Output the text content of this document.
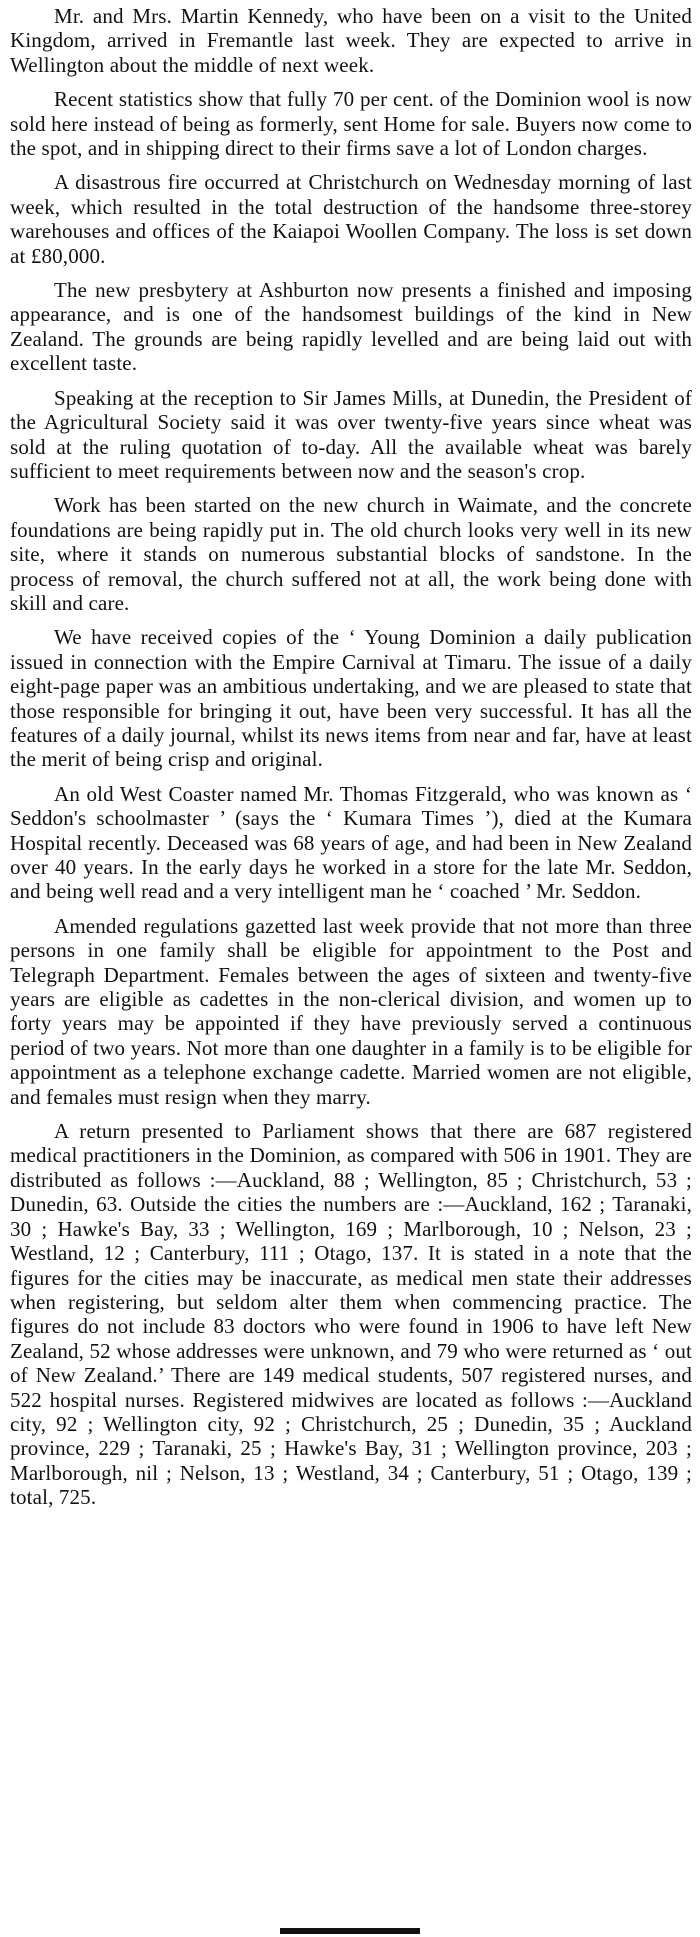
Mr. and Mrs. Martin Kennedy, who have been on a visit to the United Kingdom, arrived in Fremantle last week. They are expected to arrive in Wellington about the middle of next week.

Recent statistics show that fully 70 per cent. of the Dominion wool is now sold here instead of being as formerly, sent Home for sale. Buyers now come to the spot, and in shipping direct to their firms save a lot of London charges.

A disastrous fire occurred at Christchurch on Wednesday morning of last week, which resulted in the total destruction of the handsome three-storey warehouses and offices of the Kaiapoi Woollen Company. The loss is set down at £80,000.

The new presbytery at Ashburton now presents a finished and imposing appearance, and is one of the handsomest buildings of the kind in New Zealand. The grounds are being rapidly levelled and are being laid out with excellent taste.

Speaking at the reception to Sir James Mills, at Dunedin, the President of the Agricultural Society said it was over twenty-five years since wheat was sold at the ruling quotation of to-day. All the available wheat was barely sufficient to meet requirements between now and the season's crop.

Work has been started on the new church in Waimate, and the concrete foundations are being rapidly put in. The old church looks very well in its new site, where it stands on numerous substantial blocks of sandstone. In the process of removal, the church suffered not at all, the work being done with skill and care.

We have received copies of the ‘ Young Dominion a daily publication issued in connection with the Empire Carnival at Timaru. The issue of a daily eight-page paper was an ambitious undertaking, and we are pleased to state that those responsible for bringing it out, have been very successful. It has all the features of a daily journal, whilst its news items from near and far, have at least the merit of being crisp and original.

An old West Coaster named Mr. Thomas Fitzgerald, who was known as ‘ Seddon's schoolmaster ’ (says the ‘ Kumara Times ’), died at the Kumara Hospital recently. Deceased was 68 years of age, and had been in New Zealand over 40 years. In the early days he worked in a store for the late Mr. Seddon, and being well read and a very intelligent man he ‘ coached ’ Mr. Seddon.

Amended regulations gazetted last week provide that not more than three persons in one family shall be eligible for appointment to the Post and Telegraph Department. Females between the ages of sixteen and twenty-five years are eligible as cadettes in the non-clerical division, and women up to forty years may be appointed if they have previously served a continuous period of two years. Not more than one daughter in a family is to be eligible for appointment as a telephone exchange cadette. Married women are not eligible, and females must resign when they marry.

A return presented to Parliament shows that there are 687 registered medical practitioners in the Dominion, as compared with 506 in 1901. They are distributed as follows :—Auckland, 88 ; Wellington, 85 ; Christchurch, 53 ; Dunedin, 63. Outside the cities the numbers are :—Auckland, 162 ; Taranaki, 30 ; Hawke's Bay, 33 ; Wellington, 169 ; Marlborough, 10 ; Nelson, 23 ; Westland, 12 ; Canterbury, 111 ; Otago, 137. It is stated in a note that the figures for the cities may be inaccurate, as medical men state their addresses when registering, but seldom alter them when commencing practice. The figures do not include 83 doctors who were found in 1906 to have left New Zealand, 52 whose addresses were unknown, and 79 who were returned as ‘ out of New Zealand.’ There are 149 medical students, 507 registered nurses, and 522 hospital nurses. Registered midwives are located as follows :—Auckland city, 92 ; Wellington city, 92 ; Christchurch, 25 ; Dunedin, 35 ; Auckland province, 229 ; Taranaki, 25 ; Hawke's Bay, 31 ; Wellington province, 203 ; Marlborough, nil ; Nelson, 13 ; Westland, 34 ; Canterbury, 51 ; Otago, 139 ; total, 725.
